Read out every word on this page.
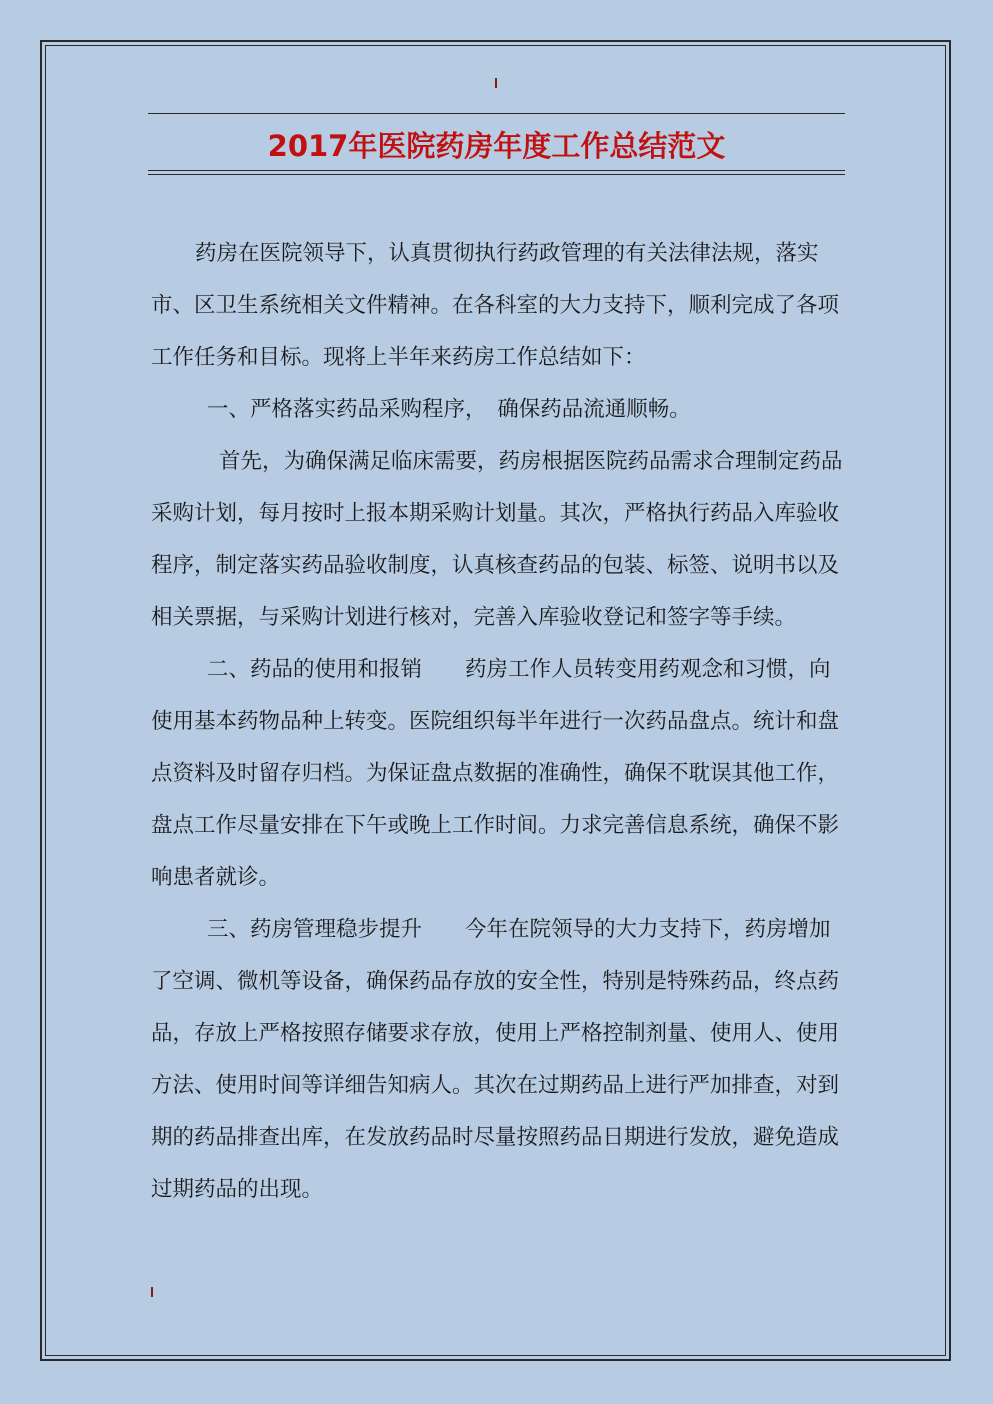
2017年医院药房年度工作总结范文

药房在医院领导下，认真贯彻执行药政管理的有关法律法规，落实市、区卫生系统相关文件精神。在各科室的大力支持下，顺利完成了各项工作任务和目标。现将上半年来药房工作总结如下：

一、严格落实药品采购程序，　确保药品流通顺畅。

首先，为确保满足临床需要，药房根据医院药品需求合理制定药品采购计划，每月按时上报本期采购计划量。其次，严格执行药品入库验收程序，制定落实药品验收制度，认真核查药品的包装、标签、说明书以及相关票据，与采购计划进行核对，完善入库验收登记和签字等手续。

二、药品的使用和报销　　药房工作人员转变用药观念和习惯，向使用基本药物品种上转变。医院组织每半年进行一次药品盘点。统计和盘点资料及时留存归档。为保证盘点数据的准确性，确保不耽误其他工作，盘点工作尽量安排在下午或晚上工作时间。力求完善信息系统，确保不影响患者就诊。

三、药房管理稳步提升　　今年在院领导的大力支持下，药房增加了空调、微机等设备，确保药品存放的安全性，特别是特殊药品，终点药品，存放上严格按照存储要求存放，使用上严格控制剂量、使用人、使用方法、使用时间等详细告知病人。其次在过期药品上进行严加排查，对到期的药品排查出库，在发放药品时尽量按照药品日期进行发放，避免造成过期药品的出现。
